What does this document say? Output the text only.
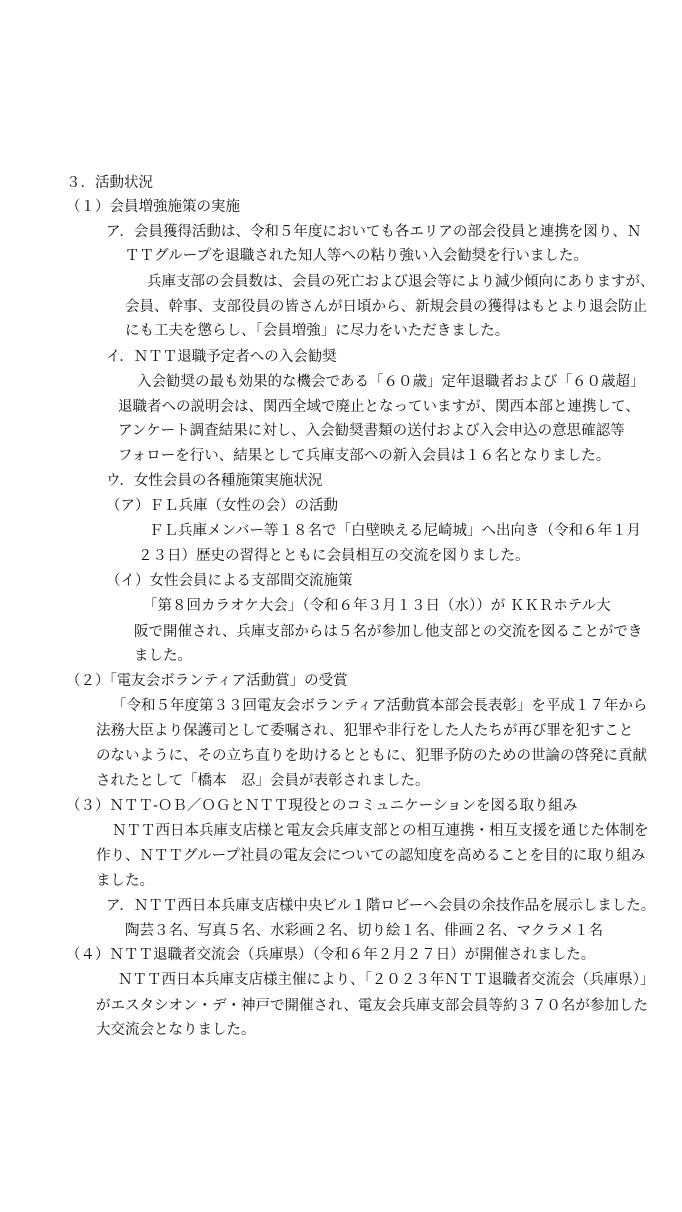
３．活動状況
（１）会員増強施策の実施
ア．会員獲得活動は、令和５年度においても各エリアの部会役員と連携を図り、Ｎ
ＴＴグループを退職された知人等への粘り強い入会勧奨を行いました。
兵庫支部の会員数は、会員の死亡および退会等により減少傾向にありますが、
会員、幹事、支部役員の皆さんが日頃から、新規会員の獲得はもとより退会防止
にも工夫を懲らし、「会員増強」に尽力をいただきました。
イ．ＮＴＴ退職予定者への入会勧奨
入会勧奨の最も効果的な機会である「６０歳」定年退職者および「６０歳超」
退職者への説明会は、関西全域で廃止となっていますが、関西本部と連携して、
アンケート調査結果に対し、入会勧奨書類の送付および入会申込の意思確認等
フォローを行い、結果として兵庫支部への新入会員は１６名となりました。
ウ．女性会員の各種施策実施状況
（ア）ＦＬ兵庫（女性の会）の活動
ＦＬ兵庫メンバー等１８名で「白壁映える尼崎城」へ出向き（令和６年１月
２３日）歴史の習得とともに会員相互の交流を図りました。
（イ）女性会員による支部間交流施策
「第８回カラオケ大会」（令和６年３月１３日（水））が ＫＫＲホテル大
阪で開催され、兵庫支部からは５名が参加し他支部との交流を図ることができ
ました。
（２）「電友会ボランティア活動賞」の受賞
「令和５年度第３３回電友会ボランティア活動賞本部会長表彰」を平成１７年から
法務大臣より保護司として委嘱され、犯罪や非行をした人たちが再び罪を犯すこと
のないように、その立ち直りを助けるとともに、犯罪予防のための世論の啓発に貢献
されたとして「橋本　忍」会員が表彰されました。
（３）ＮＴＴ-ＯＢ／ＯＧとＮＴＴ現役とのコミュニケーションを図る取り組み
ＮＴＴ西日本兵庫支店様と電友会兵庫支部との相互連携・相互支援を通じた体制を
作り、ＮＴＴグループ社員の電友会についての認知度を高めることを目的に取り組み
ました。
ア．ＮＴＴ西日本兵庫支店様中央ビル１階ロビーへ会員の余技作品を展示しました。
陶芸３名、写真５名、水彩画２名、切り絵１名、俳画２名、マクラメ１名
（４）ＮＴＴ退職者交流会（兵庫県）（令和６年２月２７日）が開催されました。
ＮＴＴ西日本兵庫支店様主催により、「２０２３年ＮＴＴ退職者交流会（兵庫県）」
がエスタシオン・デ・神戸で開催され、電友会兵庫支部会員等約３７０名が参加した
大交流会となりました。
